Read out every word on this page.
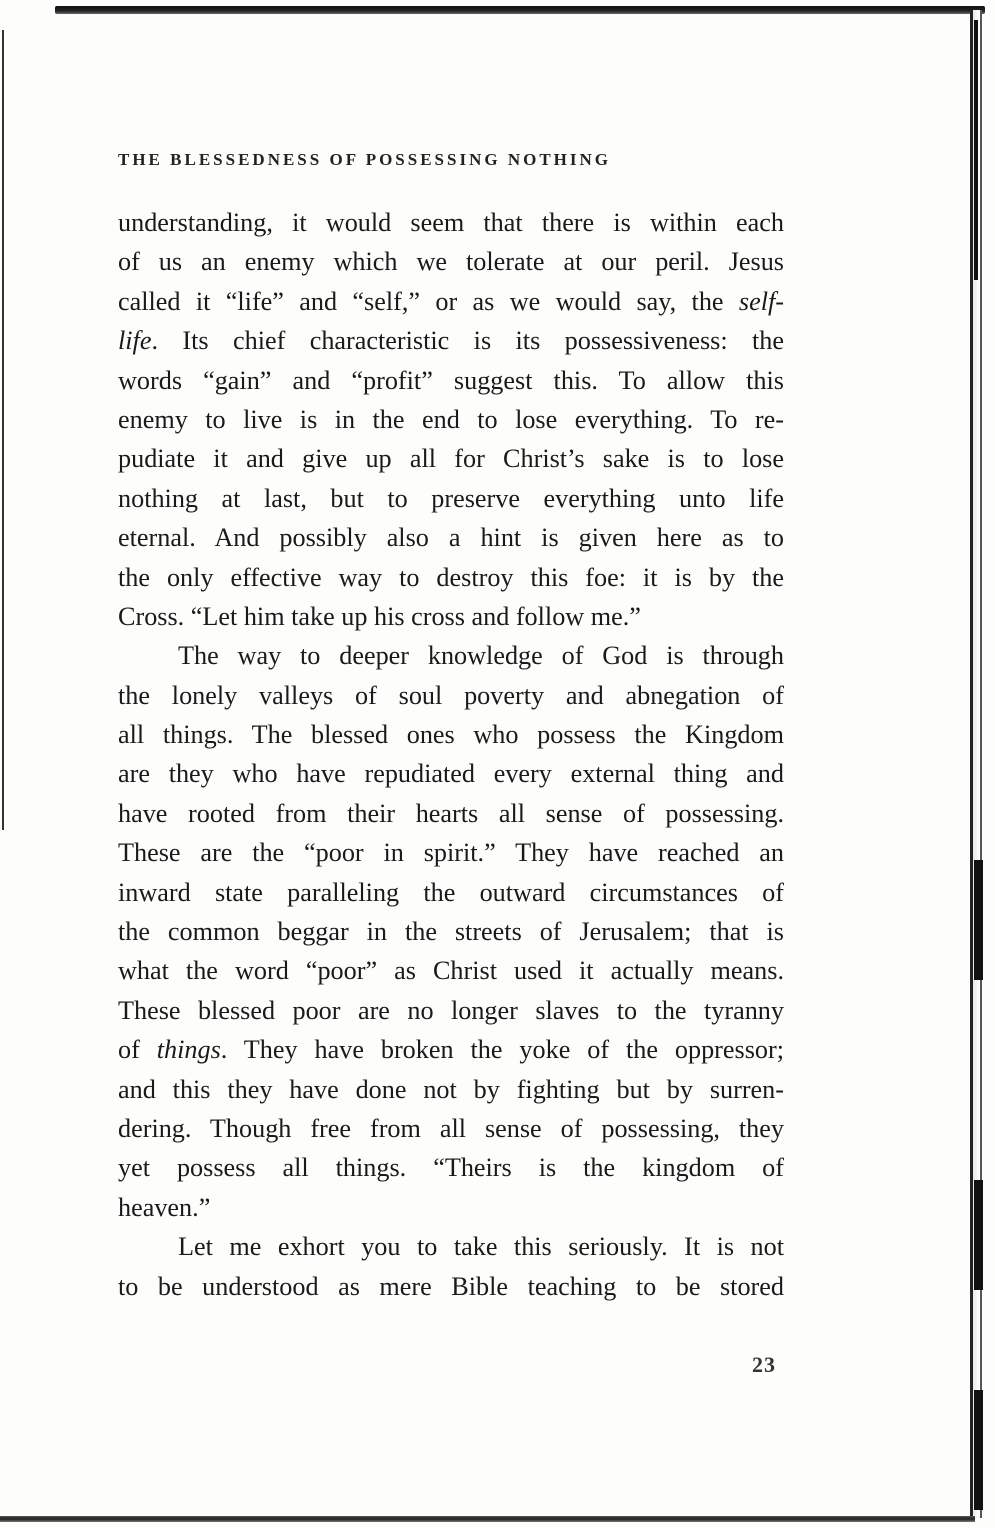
THE BLESSEDNESS OF POSSESSING NOTHING
understanding, it would seem that there is within each
of us an enemy which we tolerate at our peril. Jesus
called it “life” and “self,” or as we would say, the self-
life. Its chief characteristic is its possessiveness: the
words “gain” and “profit” suggest this. To allow this
enemy to live is in the end to lose everything. To re-
pudiate it and give up all for Christ’s sake is to lose
nothing at last, but to preserve everything unto life
eternal. And possibly also a hint is given here as to
the only effective way to destroy this foe: it is by the
Cross. “Let him take up his cross and follow me.”
The way to deeper knowledge of God is through
the lonely valleys of soul poverty and abnegation of
all things. The blessed ones who possess the Kingdom
are they who have repudiated every external thing and
have rooted from their hearts all sense of possessing.
These are the “poor in spirit.” They have reached an
inward state paralleling the outward circumstances of
the common beggar in the streets of Jerusalem; that is
what the word “poor” as Christ used it actually means.
These blessed poor are no longer slaves to the tyranny
of things. They have broken the yoke of the oppressor;
and this they have done not by fighting but by surren-
dering. Though free from all sense of possessing, they
yet possess all things. “Theirs is the kingdom of
heaven.”
Let me exhort you to take this seriously. It is not
to be understood as mere Bible teaching to be stored
23
